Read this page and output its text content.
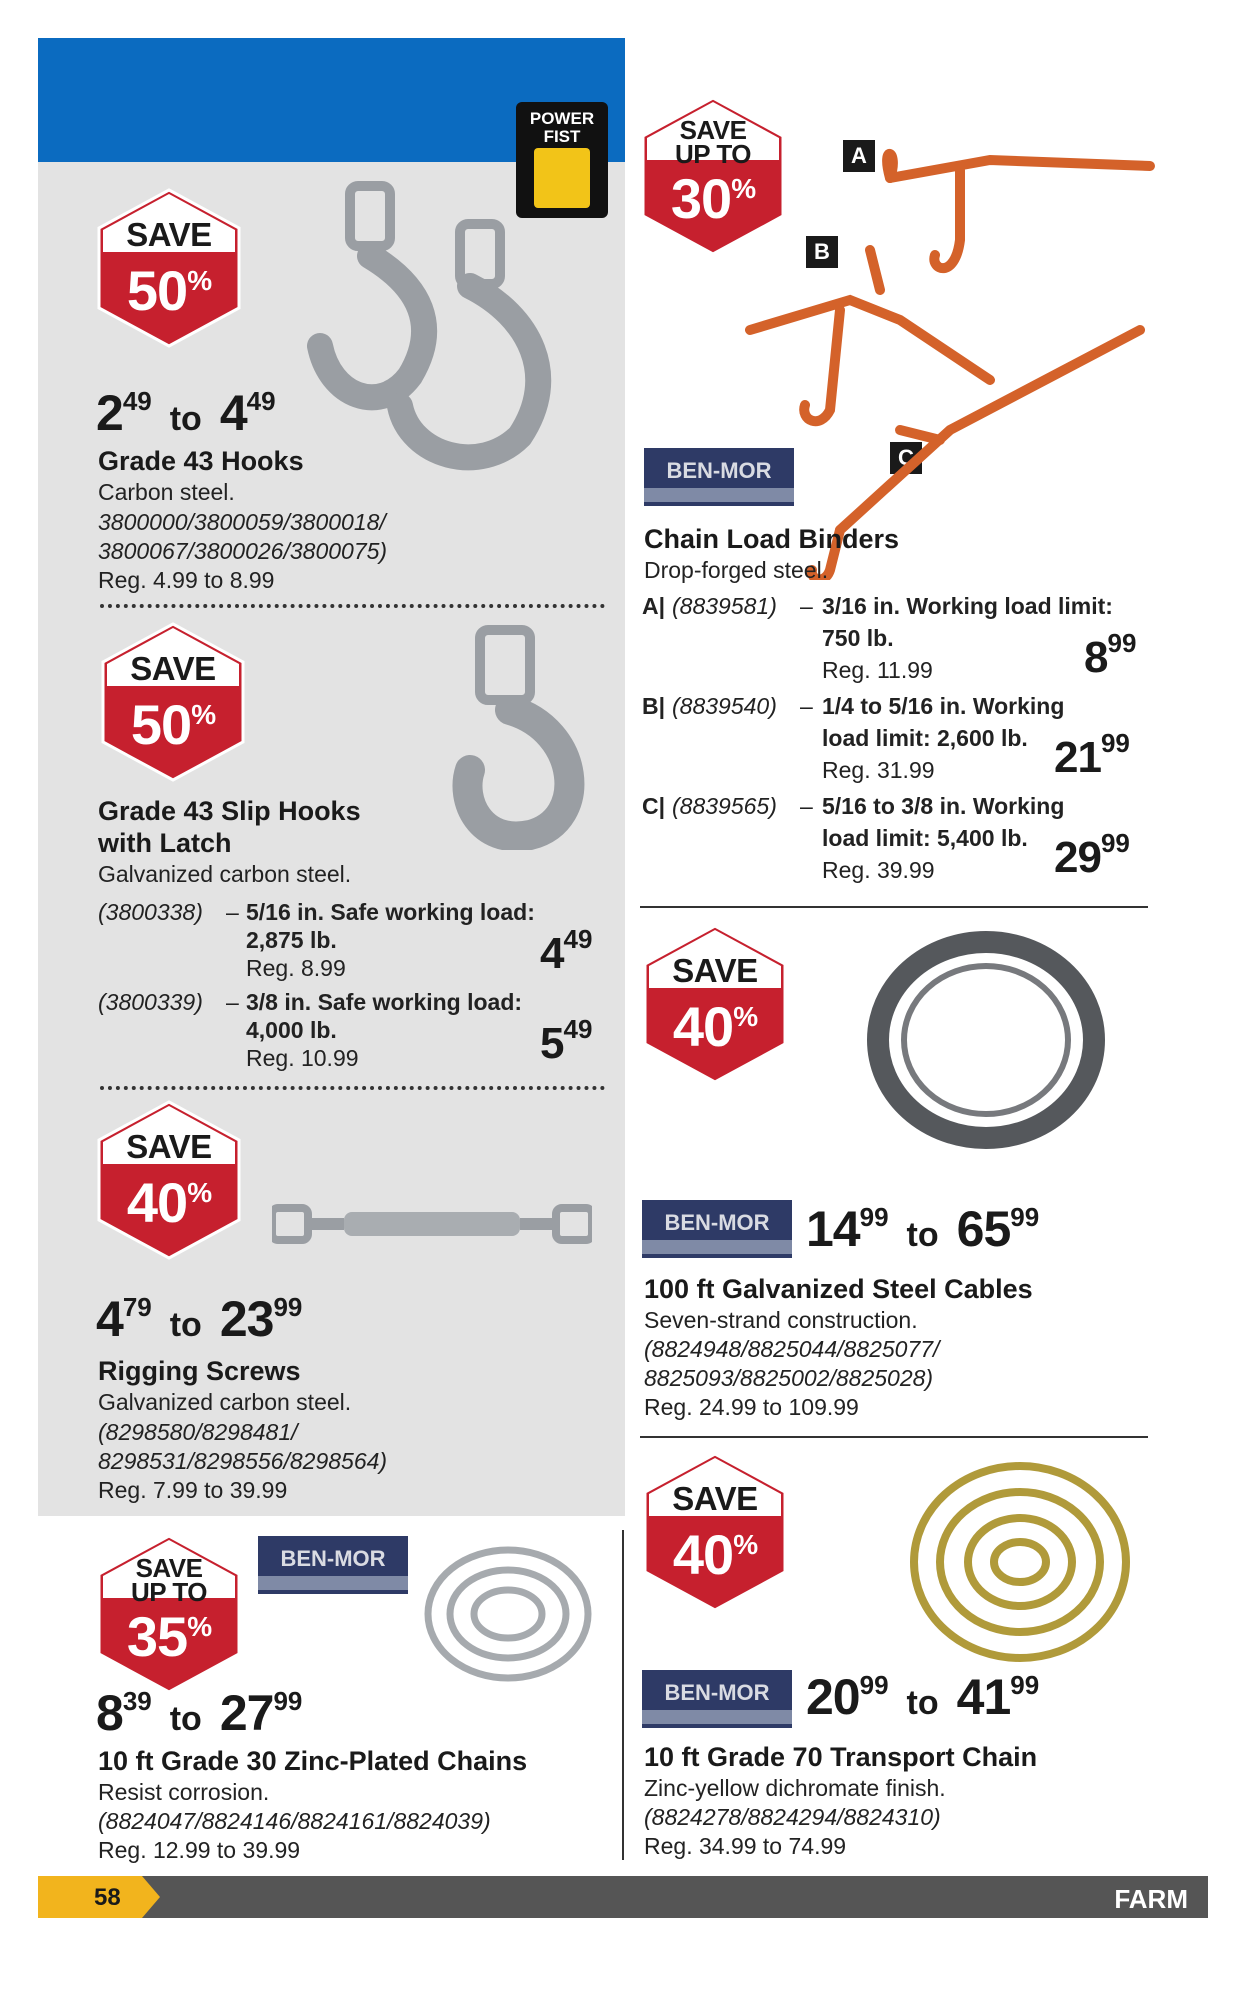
POWER
FIST
SAVE
50%
249 to 449
Grade 43 Hooks
Carbon steel.
3800000/3800059/3800018/
3800067/3800026/3800075)
Reg. 4.99 to 8.99
SAVE
50%
Grade 43 Slip Hooks
with Latch
Galvanized carbon steel.
(3800338) – 5/16 in. Safe working load:
2,875 lb.
Reg. 8.99	449
(3800339) – 3/8 in. Safe working load:
4,000 lb.
Reg. 10.99	549
SAVE
40%
479 to 2399
Rigging Screws
Galvanized carbon steel.
(8298580/8298481/
8298531/8298556/8298564)
Reg. 7.99 to 39.99
SAVE
UP TO
35%
BEN-MOR
839 to 2799
10 ft Grade 30 Zinc-Plated Chains
Resist corrosion.
(8824047/8824146/8824161/8824039)
Reg. 12.99 to 39.99
SAVE
UP TO
30%
A
B
C
BEN-MOR
Chain Load Binders
Drop-forged steel.
A| (8839581) – 3/16 in. Working load limit:
750 lb.
Reg. 11.99	899
B| (8839540) – 1/4 to 5/16 in. Working
load limit: 2,600 lb.
Reg. 31.99	2199
C| (8839565) – 5/16 to 3/8 in. Working
load limit: 5,400 lb.
Reg. 39.99	2999
SAVE
40%
BEN-MOR 1499 to 6599
100 ft Galvanized Steel Cables
Seven-strand construction.
(8824948/8825044/8825077/
8825093/8825002/8825028)
Reg. 24.99 to 109.99
SAVE
40%
BEN-MOR 2099 to 4199
10 ft Grade 70 Transport Chain
Zinc-yellow dichromate finish.
(8824278/8824294/8824310)
Reg. 34.99 to 74.99
58	FARM
